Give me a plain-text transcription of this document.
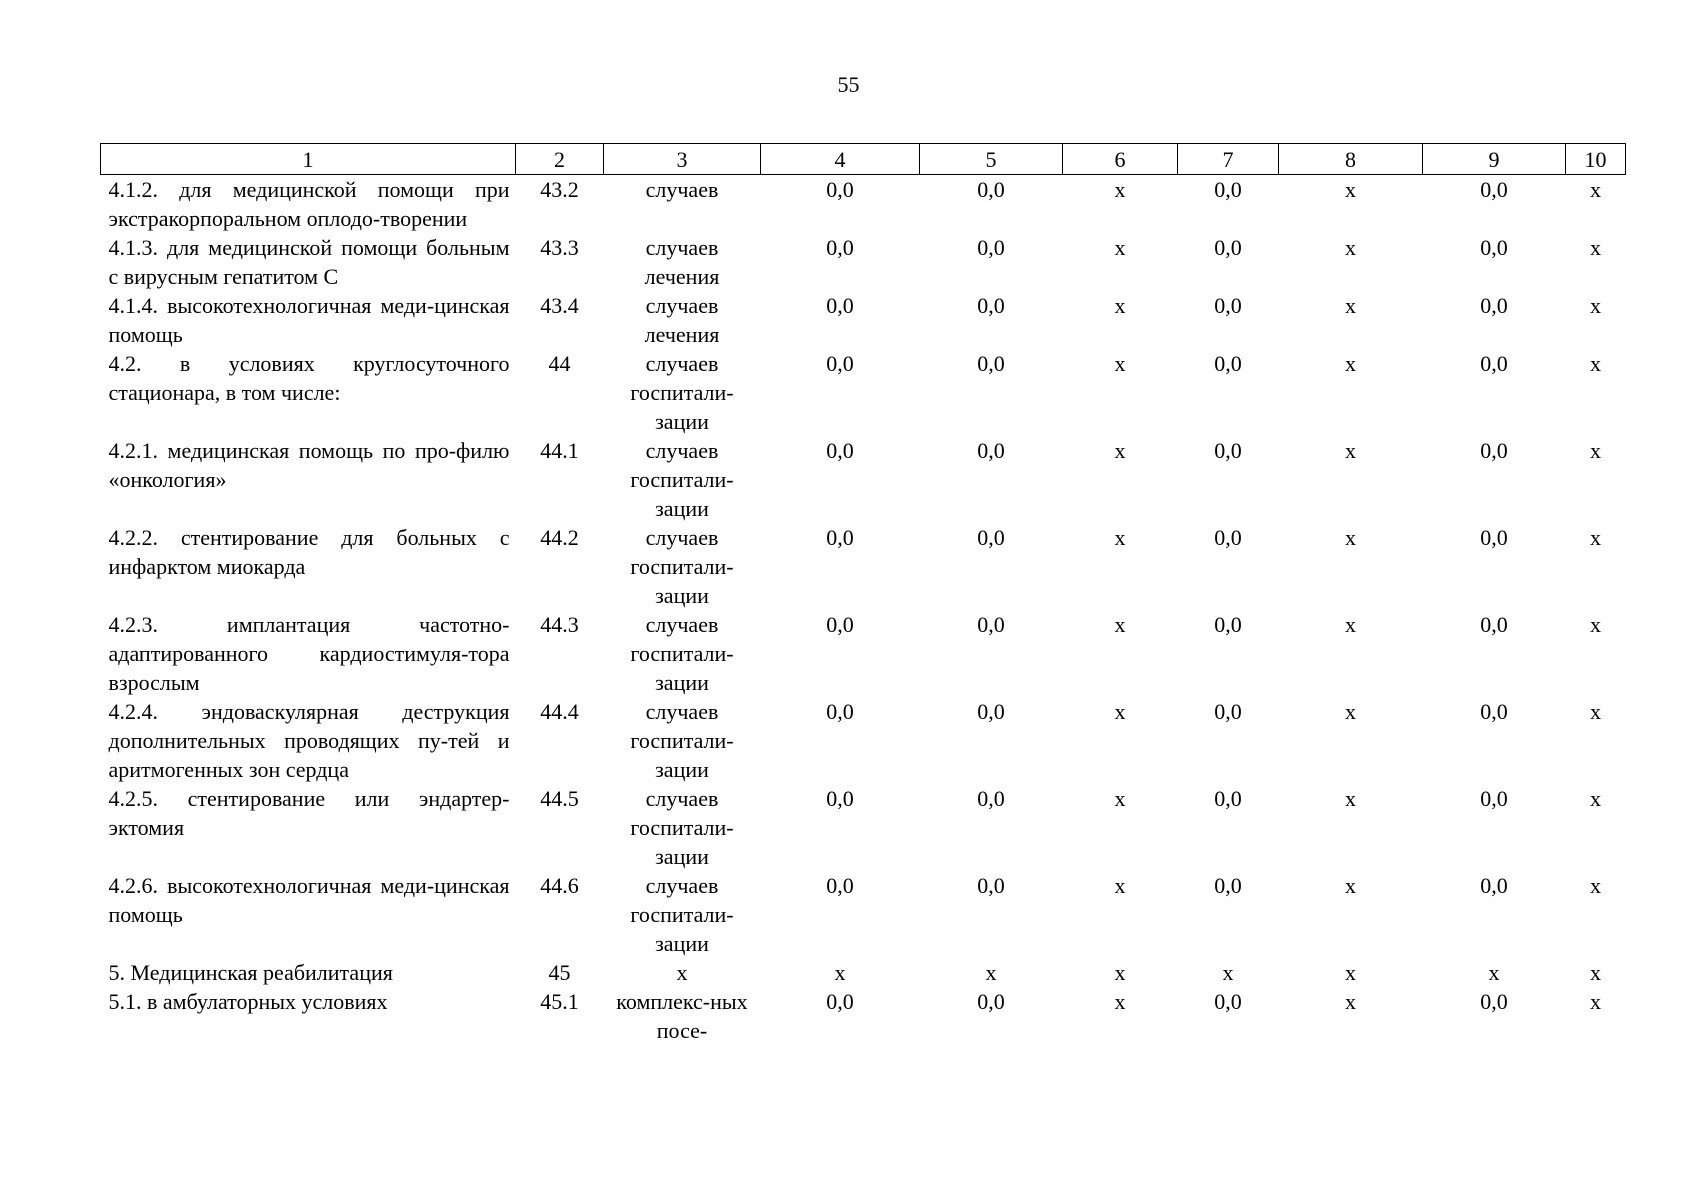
55
1	2	3	4	5	6	7	8	9	10
4.1.2. для медицинской помощи при экстракорпоральном оплодо-творении	43.2	случаев	0,0	0,0	х	0,0	х	0,0	х
4.1.3. для медицинской помощи больным с вирусным гепатитом С	43.3	случаев лечения	0,0	0,0	х	0,0	х	0,0	х
4.1.4. высокотехнологичная меди-цинская помощь	43.4	случаев лечения	0,0	0,0	х	0,0	х	0,0	х
4.2. в условиях круглосуточного стационара, в том числе:	44	случаев госпитали-зации	0,0	0,0	х	0,0	х	0,0	х
4.2.1. медицинская помощь по про-филю «онкология»	44.1	случаев госпитали-зации	0,0	0,0	х	0,0	х	0,0	х
4.2.2. стентирование для больных с инфарктом миокарда	44.2	случаев госпитали-зации	0,0	0,0	х	0,0	х	0,0	х
4.2.3. имплантация частотно-адаптированного кардиостимуля-тора взрослым	44.3	случаев госпитали-зации	0,0	0,0	х	0,0	х	0,0	х
4.2.4. эндоваскулярная деструкция дополнительных проводящих пу-тей и аритмогенных зон сердца	44.4	случаев госпитали-зации	0,0	0,0	х	0,0	х	0,0	х
4.2.5. стентирование или эндартер-эктомия	44.5	случаев госпитали-зации	0,0	0,0	х	0,0	х	0,0	х
4.2.6. высокотехнологичная меди-цинская помощь	44.6	случаев госпитали-зации	0,0	0,0	х	0,0	х	0,0	х
5. Медицинская реабилитация	45	х	х	х	х	х	х	х	х
5.1. в амбулаторных условиях	45.1	комплекс-ных посе-	0,0	0,0	х	0,0	х	0,0	х
